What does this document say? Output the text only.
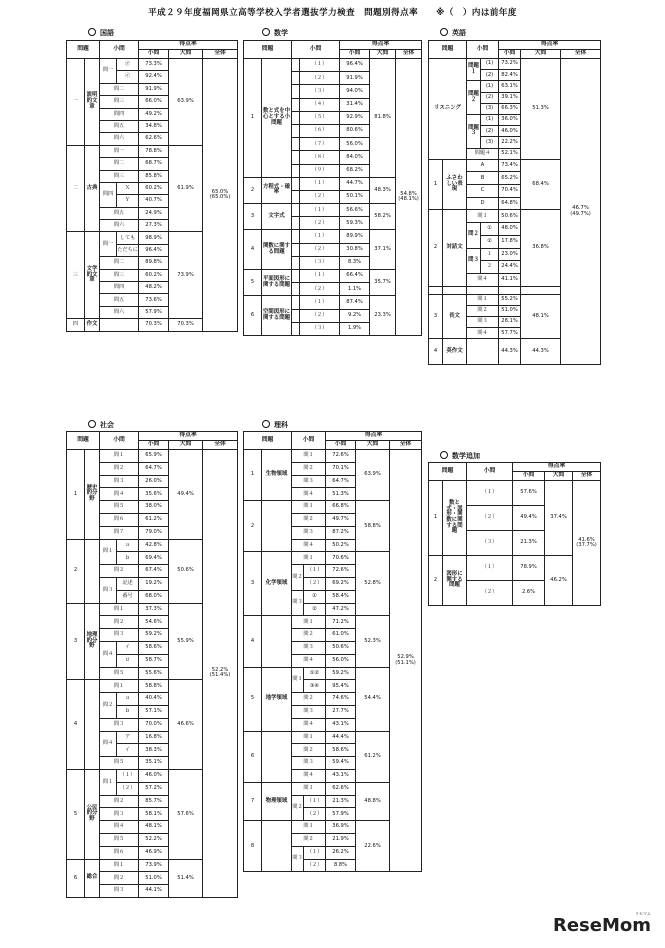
平成２９年度福岡県立高等学校入学者選抜学力検査　問題別得点率　　※（　）内は前年度
国語	数学	英語
社会	理科
数学追加
問題		小問		得点率		
				小問	大問	全体
一	説明的文章	問一	㋐	73.3%	63.9%	65.0%
(65.0%)

			㋑	92.4%		
		問二		91.9%		
		問三		66.0%		
		問四		49.2%		
		問五		34.8%		
		問六		62.6%		
二	古典	問一		78.8%	61.9%	
		問二		68.7%		
		問三		85.8%		
		問四	Ｘ	60.2%		
			Ｙ	40.7%		
		問五		24.9%		
		問六		27.3%		
三	文学的文章	問一	しても	98.9%	73.9%	
			ただちに	96.4%		
		問二		89.8%		
		問三		60.2%		
		問四		48.2%		
		問五		73.6%		
		問六		57.9%		
四	作文			70.3%	70.3%	
問題		小問		得点率		
				小問	大問	全体
1	数と式を中心とする小問題		（１）	96.4%	81.8%	54.8%
(48.1%)

			（２）	91.9%		
			（３）	94.0%		
			（４）	31.4%		
			（５）	92.9%		
			（６）	80.6%		
			（７）	56.0%		
			（８）	84.0%		
			（９）	68.2%		
2	方程式・確率		（１）	44.7%	48.3%	
			（２）	50.1%		
3	文字式		（１）	56.6%	58.2%	
			（２）	59.3%		
4	関数に関する問題		（１）	89.9%	37.1%	
			（２）	30.8%		
			（３）	8.3%		
5	平面図形に関する問題		（１）	66.4%	35.7%	
			（２）	1.1%		
6	空間図形に関する問題		（１）	87.4%	23.3%	
			（２）	9.2%		
			（３）	1.9%		
問題		小問		得点率		
				小問	大問	全体
リスニング		問題１	(1)	73.2%	51.3%	46.7%
(49.7%)

			(2)	82.4%		
		問題２	(1)	63.1%		
			(2)	39.1%		
			(3)	66.3%		
		問題３	(1)	36.0%		
			(2)	46.0%		
			(3)	22.2%		
		問題４		52.1%		
1	ふさわしい表現	A		73.4%	68.4%	
		B		65.2%		
		C		70.4%		
		D		64.8%		
2	対話文	問１		50.6%	36.8%	
		問２	①	48.0%		
			②	17.8%		
		問３	１	23.0%		
			２	24.4%		
		問４		41.1%		

3	長文	問１		55.2%	48.1%	
		問２		51.0%		
		問３		28.1%		
		問４		57.7%		
4	英作文			44.3%	44.3%	
問題		小問		得点率		
				小問	大問	全体
1	歴史的分野	問１		65.9%	49.4%	52.2%
(51.4%)

		問２		64.7%		
		問３		26.0%		
		問４		35.6%		
		問５		38.0%		
		問６		61.2%		
		問７		79.0%		
2		問１	ａ	42.8%	50.6%	
			ｂ	69.4%		
		問２		67.4%		
		問３	記述	19.2%		
			番号	68.0%		
3	地理的分野	問１		37.3%	55.9%	
		問２		54.6%		
		問３		59.2%		
		問４	イ	58.6%		
			ロ	58.7%		
		問５		55.6%		
4		問１		58.8%	46.6%	
		問２	ａ	40.4%		
			ｂ	57.1%		
		問３		70.0%		
		問４	ア	16.8%		
			イ	38.3%		
		問５		35.1%		
5	公民的分野	問１	（１）	46.0%	57.6%	
			（２）	57.2%		
		問２		85.7%		
		問３		58.1%		
		問４		48.1%		
		問５		52.2%		
		問６		46.9%		
6	総合	問１		73.9%	51.4%	
		問２		51.0%		
		問３		44.1%		
問題		小問		得点率		
				小問	大問	全体
1	生物領域	問１		72.6%	63.9%	52.9%
(51.1%)

		問２		70.1%		
		問３		64.7%		
		問４		51.3%		
2		問１		66.8%	58.8%	
		問２		49.7%		
		問３		87.2%		
		問４		50.2%		
3	化学領域	問１		70.6%	52.8%	
		問２	（１）	72.6%		
			（２）	69.2%		
		問３	①	58.4%		
			②	47.2%		
4		問１		71.2%	52.3%	
		問２		61.0%		
		問３		50.6%		
		問４		56.0%		
5	地学領域	問１	①②	59.2%	54.4%	
			③④	95.4%		
		問２		74.6%		
		問３		27.7%		
		問４		43.1%		
6		問１		44.4%	61.2%	
		問２		58.6%		
		問３		59.4%		
		問４		43.1%		
7	物理領域	問１		62.6%	48.8%	
		問２	（１）	21.3%		
			（２）	57.9%		
8		問１		36.9%	22.6%	
		問２		21.9%		
		問３	（１）	26.2%		
			（２）	8.8%		
問題		小問	得点率		
			小問	大問	全体
1	数と式・図形・関数に関する問題	（１）	57.6%	37.4%	41.6%
(37.7%)

		（２）	49.4%		
		（３）	21.3%		
2	図形に関する問題	（１）	78.9%	46.2%	
		（２）	2.6%		
リセマム
ReseMom
